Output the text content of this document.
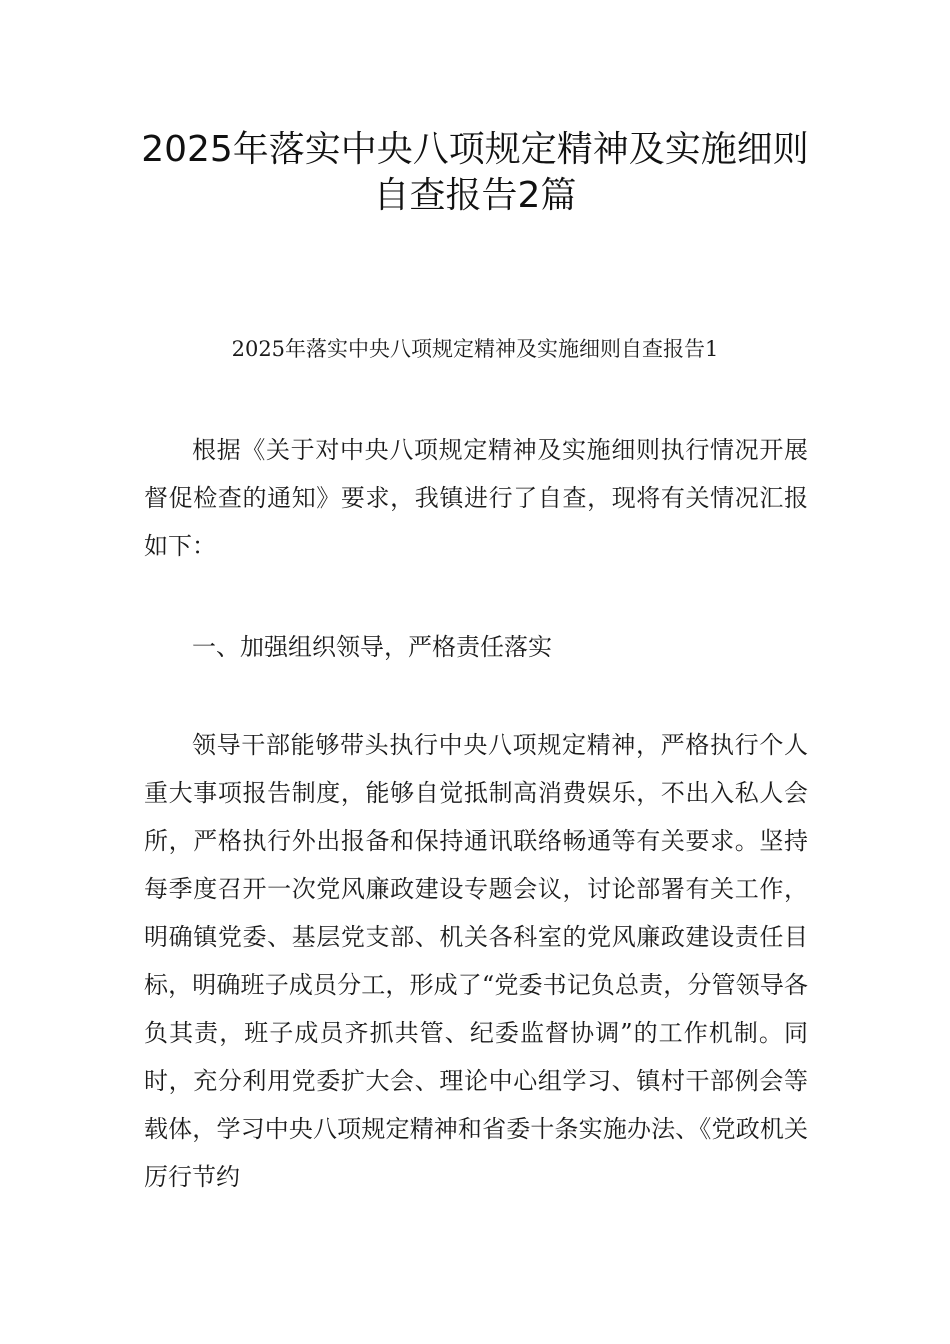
2025年落实中央八项规定精神及实施细则
自查报告2篇
2025年落实中央八项规定精神及实施细则自查报告1
根据《关于对中央八项规定精神及实施细则执行情况开展督促检查的通知》要求，我镇进行了自查，现将有关情况汇报如下：
一、加强组织领导，严格责任落实
领导干部能够带头执行中央八项规定精神，严格执行个人重大事项报告制度，能够自觉抵制高消费娱乐，不出入私人会所，严格执行外出报备和保持通讯联络畅通等有关要求。坚持每季度召开一次党风廉政建设专题会议，讨论部署有关工作，明确镇党委、基层党支部、机关各科室的党风廉政建设责任目标，明确班子成员分工，形成了“党委书记负总责，分管领导各负其责，班子成员齐抓共管、纪委监督协调”的工作机制。同时，充分利用党委扩大会、理论中心组学习、镇村干部例会等载体，学习中央八项规定精神和省委十条实施办法、《党政机关厉行节约
